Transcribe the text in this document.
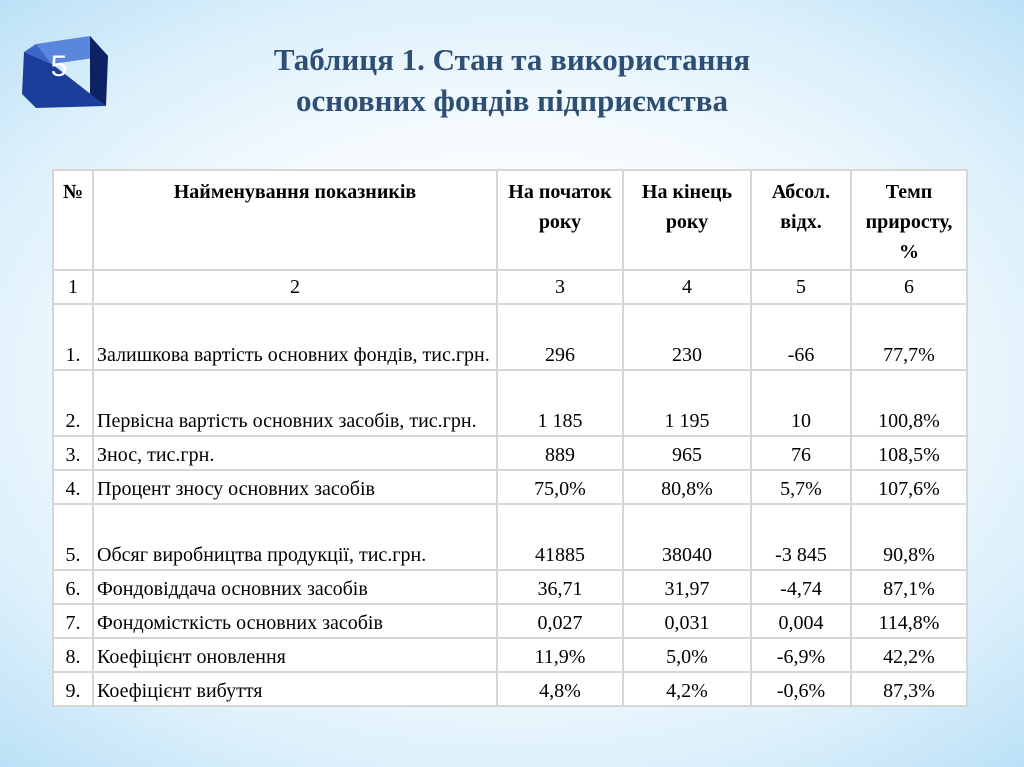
5	Таблиця 1. Стан та використання
основних фондів підприємства
№	Найменування показників	На початок року	На кінець року	Абсол. відх.	Темп приросту, %
1	2	3	4	5	6
1.	Залишкова вартість основних фондів, тис.грн.	296	230	-66	77,7%
2.	Первісна вартість основних засобів, тис.грн.	1 185	1 195	10	100,8%
3.	Знос, тис.грн.	889	965	76	108,5%
4.	Процент зносу основних засобів	75,0%	80,8%	5,7%	107,6%
5.	Обсяг виробництва продукції, тис.грн.	41885	38040	-3 845	90,8%
6.	Фондовіддача основних засобів	36,71	31,97	-4,74	87,1%
7.	Фондомісткість основних засобів	0,027	0,031	0,004	114,8%
8.	Коефіцієнт оновлення	11,9%	5,0%	-6,9%	42,2%
9.	Коефіцієнт вибуття	4,8%	4,2%	-0,6%	87,3%
